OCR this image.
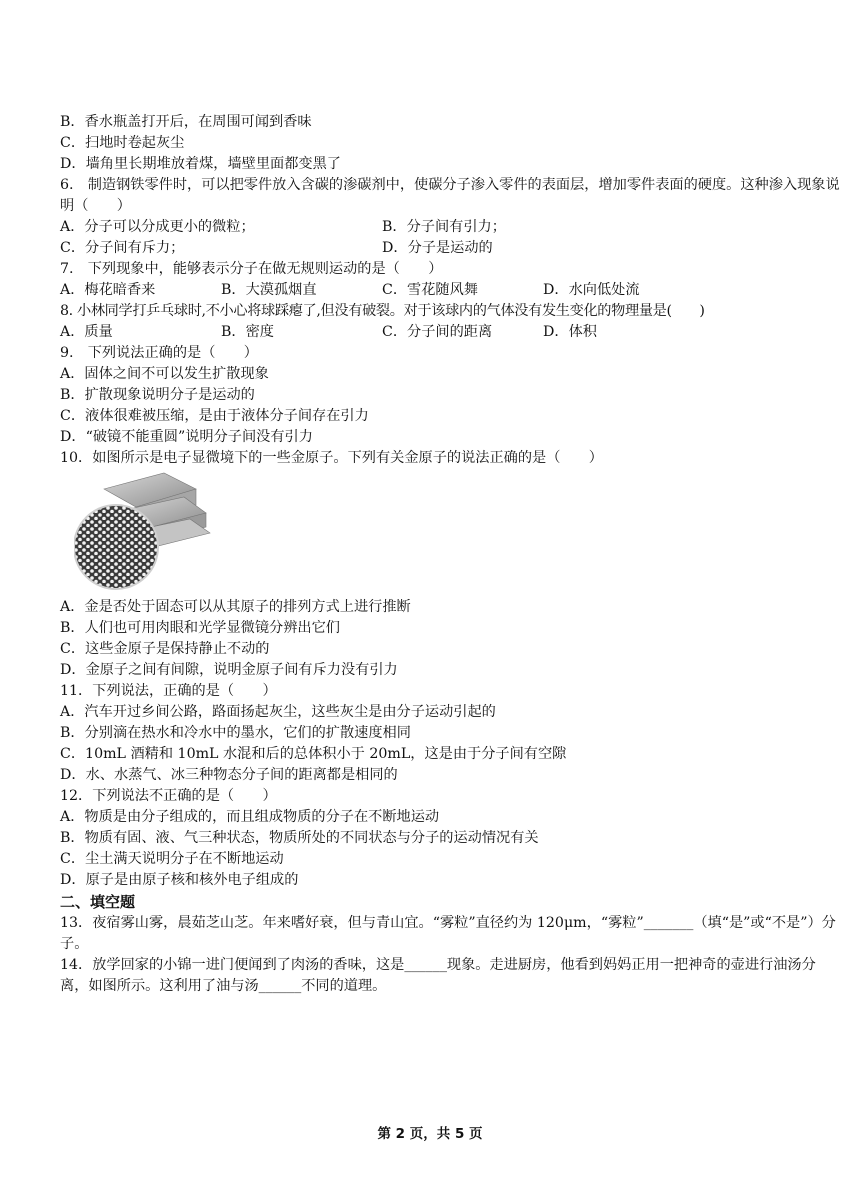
B．香水瓶盖打开后，在周围可闻到香味
C．扫地时卷起灰尘
D．墙角里长期堆放着煤，墙壁里面都变黑了
6.　制造钢铁零件时，可以把零件放入含碳的渗碳剂中，使碳分子渗入零件的表面层，增加零件表面的硬度。这种渗入现象说明（　　）
A．分子可以分成更小的微粒；	B．分子间有引力；
C．分子间有斥力；	D．分子是运动的
7.　下列现象中，能够表示分子在做无规则运动的是（　　）
A．梅花暗香来	B．大漠孤烟直	C．雪花随风舞	D．水向低处流
8. 小林同学打乒乓球时,不小心将球踩瘪了,但没有破裂。对于该球内的气体没有发生变化的物理量是(　　)
A．质量	B．密度	C．分子间的距离	D．体积
9.　下列说法正确的是（　　）
A．固体之间不可以发生扩散现象
B．扩散现象说明分子是运动的
C．液体很难被压缩，是由于液体分子间存在引力
D．“破镜不能重圆”说明分子间没有引力
10．如图所示是电子显微境下的一些金原子。下列有关金原子的说法正确的是（　　）
A．金是否处于固态可以从其原子的排列方式上进行推断
B．人们也可用肉眼和光学显微镜分辨出它们
C．这些金原子是保持静止不动的
D．金原子之间有间隙，说明金原子间有斥力没有引力
11．下列说法，正确的是（　　）
A．汽车开过乡间公路，路面扬起灰尘，这些灰尘是由分子运动引起的
B．分别滴在热水和冷水中的墨水，它们的扩散速度相同
C．10mL 酒精和 10mL 水混和后的总体积小于 20mL，这是由于分子间有空隙
D．水、水蒸气、冰三种物态分子间的距离都是相同的
12．下列说法不正确的是（　　）
A．物质是由分子组成的，而且组成物质的分子在不断地运动
B．物质有固、液、气三种状态，物质所处的不同状态与分子的运动情况有关
C．尘土满天说明分子在不断地运动
D．原子是由原子核和核外电子组成的
二、填空题
13．夜宿雾山雾，晨茹芝山芝。年来嗜好衰，但与青山宜。“雾粒”直径约为 120μm，“雾粒”_______（填“是”或“不是”）分子。
14．放学回家的小锦一进门便闻到了肉汤的香味，这是______现象。走进厨房，他看到妈妈正用一把神奇的壶进行油汤分离，如图所示。这利用了油与汤______不同的道理。
第 2 页，共 5 页
